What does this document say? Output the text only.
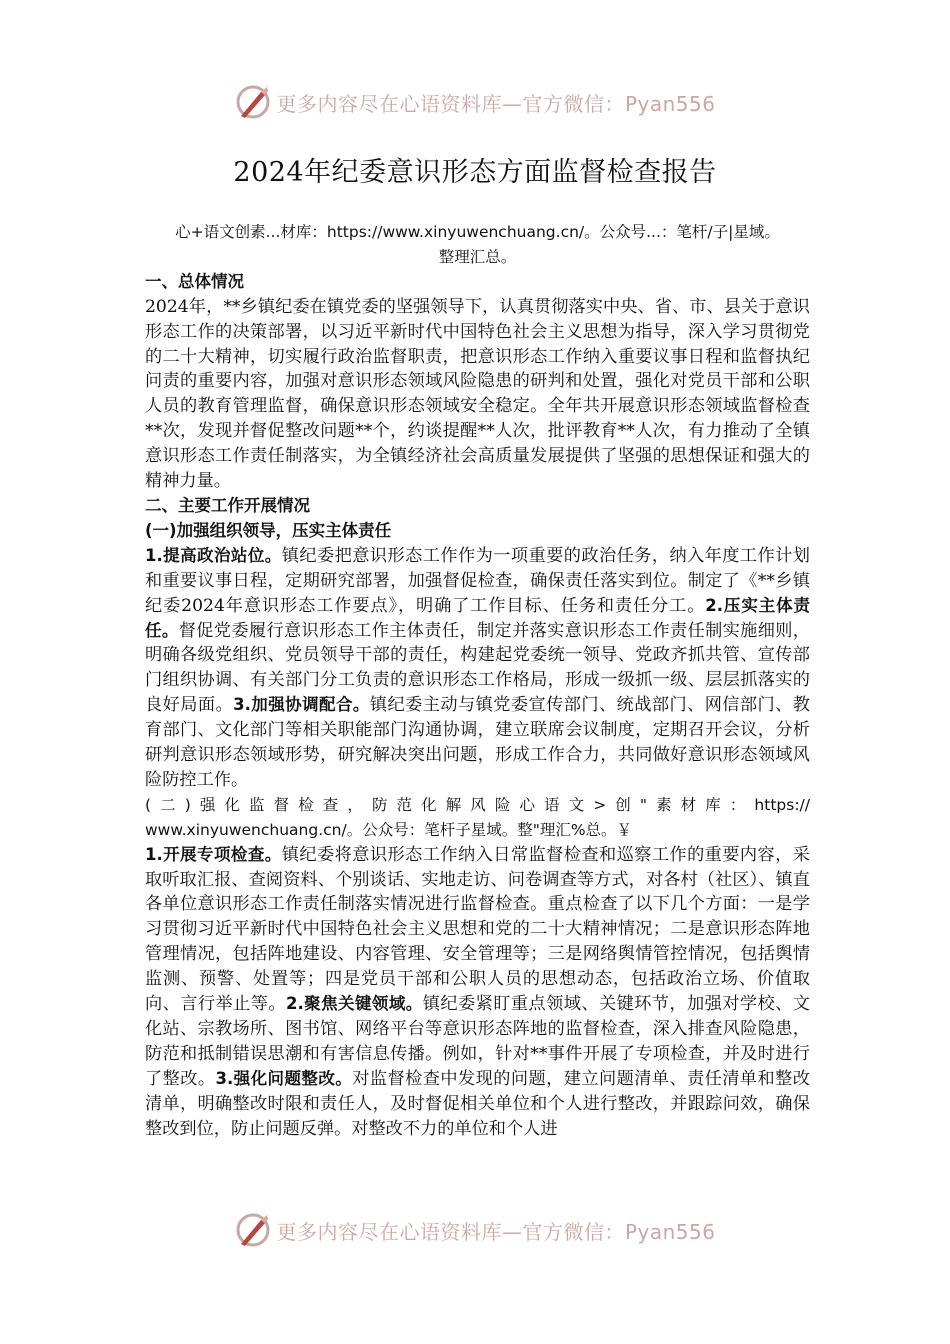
更多内容尽在心语资料库—官方微信：Pyan556
2024年纪委意识形态方面监督检查报告
心+语文创素...材库：https://www.xinyuwenchuang.cn/。公众号...：笔杆/子|星域。
整理汇总。
一、总体情况
2024年，**乡镇纪委在镇党委的坚强领导下，认真贯彻落实中央、省、市、县关于意识形态工作的决策部署，以习近平新时代中国特色社会主义思想为指导，深入学习贯彻党的二十大精神，切实履行政治监督职责，把意识形态工作纳入重要议事日程和监督执纪问责的重要内容，加强对意识形态领域风险隐患的研判和处置，强化对党员干部和公职人员的教育管理监督，确保意识形态领域安全稳定。全年共开展意识形态领域监督检查**次，发现并督促整改问题**个，约谈提醒**人次，批评教育**人次，有力推动了全镇意识形态工作责任制落实，为全镇经济社会高质量发展提供了坚强的思想保证和强大的精神力量。
二、主要工作开展情况
(一)加强组织领导，压实主体责任
1.提高政治站位。镇纪委把意识形态工作作为一项重要的政治任务，纳入年度工作计划和重要议事日程，定期研究部署，加强督促检查，确保责任落实到位。制定了《**乡镇纪委2024年意识形态工作要点》，明确了工作目标、任务和责任分工。2.压实主体责任。督促党委履行意识形态工作主体责任，制定并落实意识形态工作责任制实施细则，明确各级党组织、党员领导干部的责任，构建起党委统一领导、党政齐抓共管、宣传部门组织协调、有关部门分工负责的意识形态工作格局，形成一级抓一级、层层抓落实的良好局面。3.加强协调配合。镇纪委主动与镇党委宣传部门、统战部门、网信部门、教育部门、文化部门等相关职能部门沟通协调，建立联席会议制度，定期召开会议，分析研判意识形态领域形势，研究解决突出问题，形成工作合力，共同做好意识形态领域风险防控工作。
(二)强化监督检查，防范化解风险心语文>创"素材库：https://
www.xinyuwenchuang.cn/。公众号：笔杆子星域。整"理汇%总。￥
1.开展专项检查。镇纪委将意识形态工作纳入日常监督检查和巡察工作的重要内容，采取听取汇报、查阅资料、个别谈话、实地走访、问卷调查等方式，对各村（社区）、镇直各单位意识形态工作责任制落实情况进行监督检查。重点检查了以下几个方面：一是学习贯彻习近平新时代中国特色社会主义思想和党的二十大精神情况；二是意识形态阵地管理情况，包括阵地建设、内容管理、安全管理等；三是网络舆情管控情况，包括舆情监测、预警、处置等；四是党员干部和公职人员的思想动态，包括政治立场、价值取向、言行举止等。2.聚焦关键领域。镇纪委紧盯重点领域、关键环节，加强对学校、文化站、宗教场所、图书馆、网络平台等意识形态阵地的监督检查，深入排查风险隐患，防范和抵制错误思潮和有害信息传播。例如，针对**事件开展了专项检查，并及时进行了整改。3.强化问题整改。对监督检查中发现的问题，建立问题清单、责任清单和整改清单，明确整改时限和责任人，及时督促相关单位和个人进行整改，并跟踪问效，确保整改到位，防止问题反弹。对整改不力的单位和个人进
更多内容尽在心语资料库—官方微信：Pyan556
